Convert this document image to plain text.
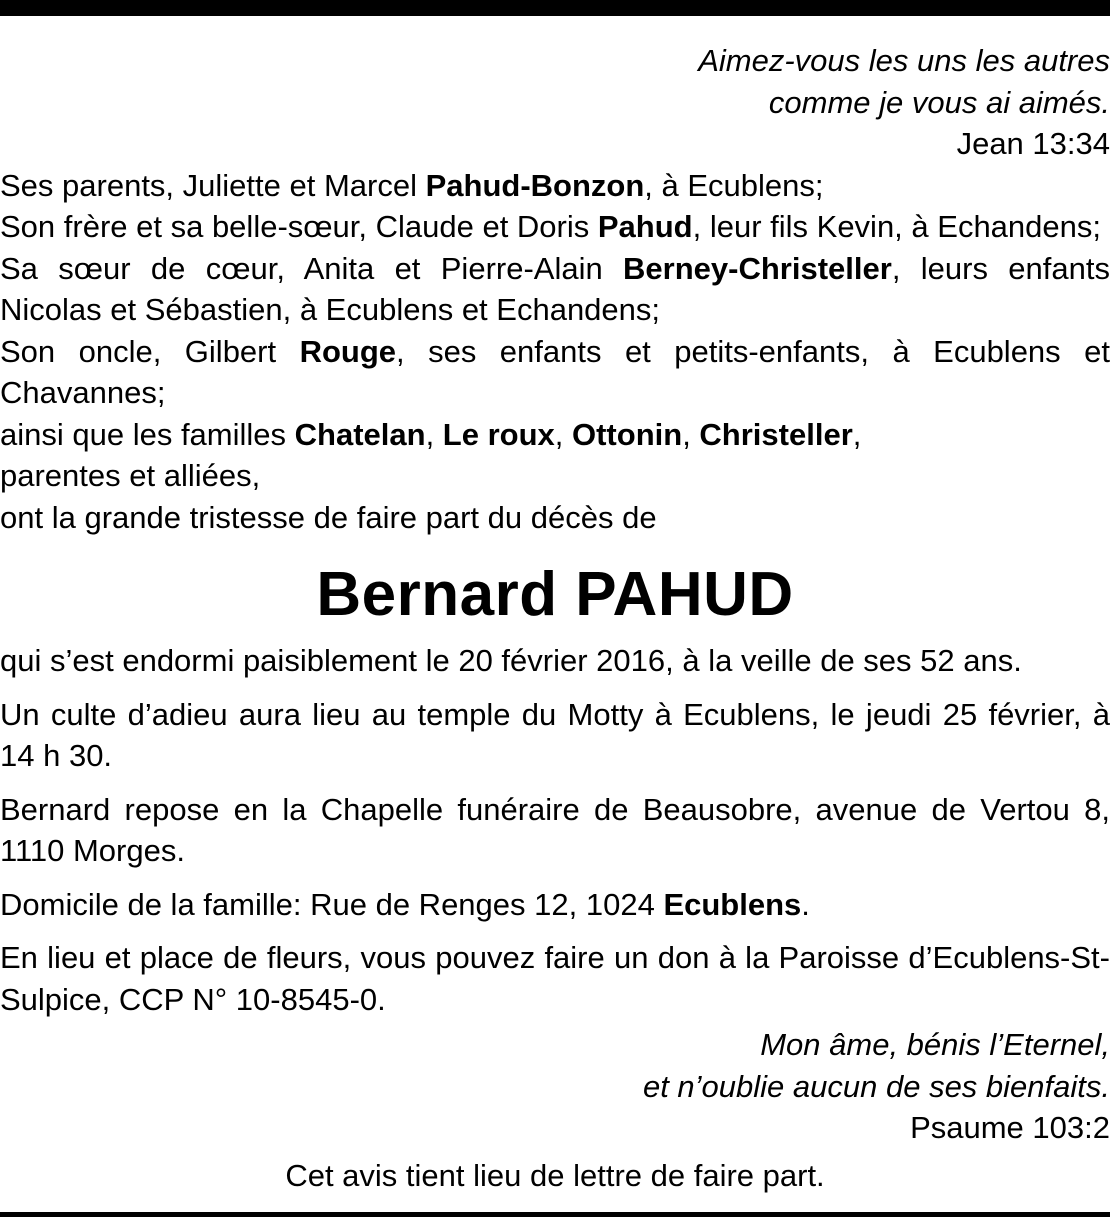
Aimez-vous les uns les autres
comme je vous ai aimés.
Jean 13:34
Ses parents, Juliette et Marcel Pahud-Bonzon, à Ecublens;
Son frère et sa belle-sœur, Claude et Doris Pahud, leur fils Kevin, à Echandens;
Sa sœur de cœur, Anita et Pierre-Alain Berney-Christeller, leurs enfants Nicolas et Sébastien, à Ecublens et Echandens;
Son oncle, Gilbert Rouge, ses enfants et petits-enfants, à Ecublens et Chavannes;
ainsi que les familles Chatelan, Le roux, Ottonin, Christeller,
parentes et alliées,
ont la grande tristesse de faire part du décès de
Bernard PAHUD
qui s’est endormi paisiblement le 20 février 2016, à la veille de ses 52 ans.
Un culte d’adieu aura lieu au temple du Motty à Ecublens, le jeudi 25 février, à 14 h 30.
Bernard repose en la Chapelle funéraire de Beausobre, avenue de Vertou 8, 1110 Morges.
Domicile de la famille: Rue de Renges 12, 1024 Ecublens.
En lieu et place de fleurs, vous pouvez faire un don à la Paroisse d’Ecublens-St-Sulpice, CCP N° 10-8545-0.
Mon âme, bénis l’Eternel,
et n’oublie aucun de ses bienfaits.
Psaume 103:2
Cet avis tient lieu de lettre de faire part.
